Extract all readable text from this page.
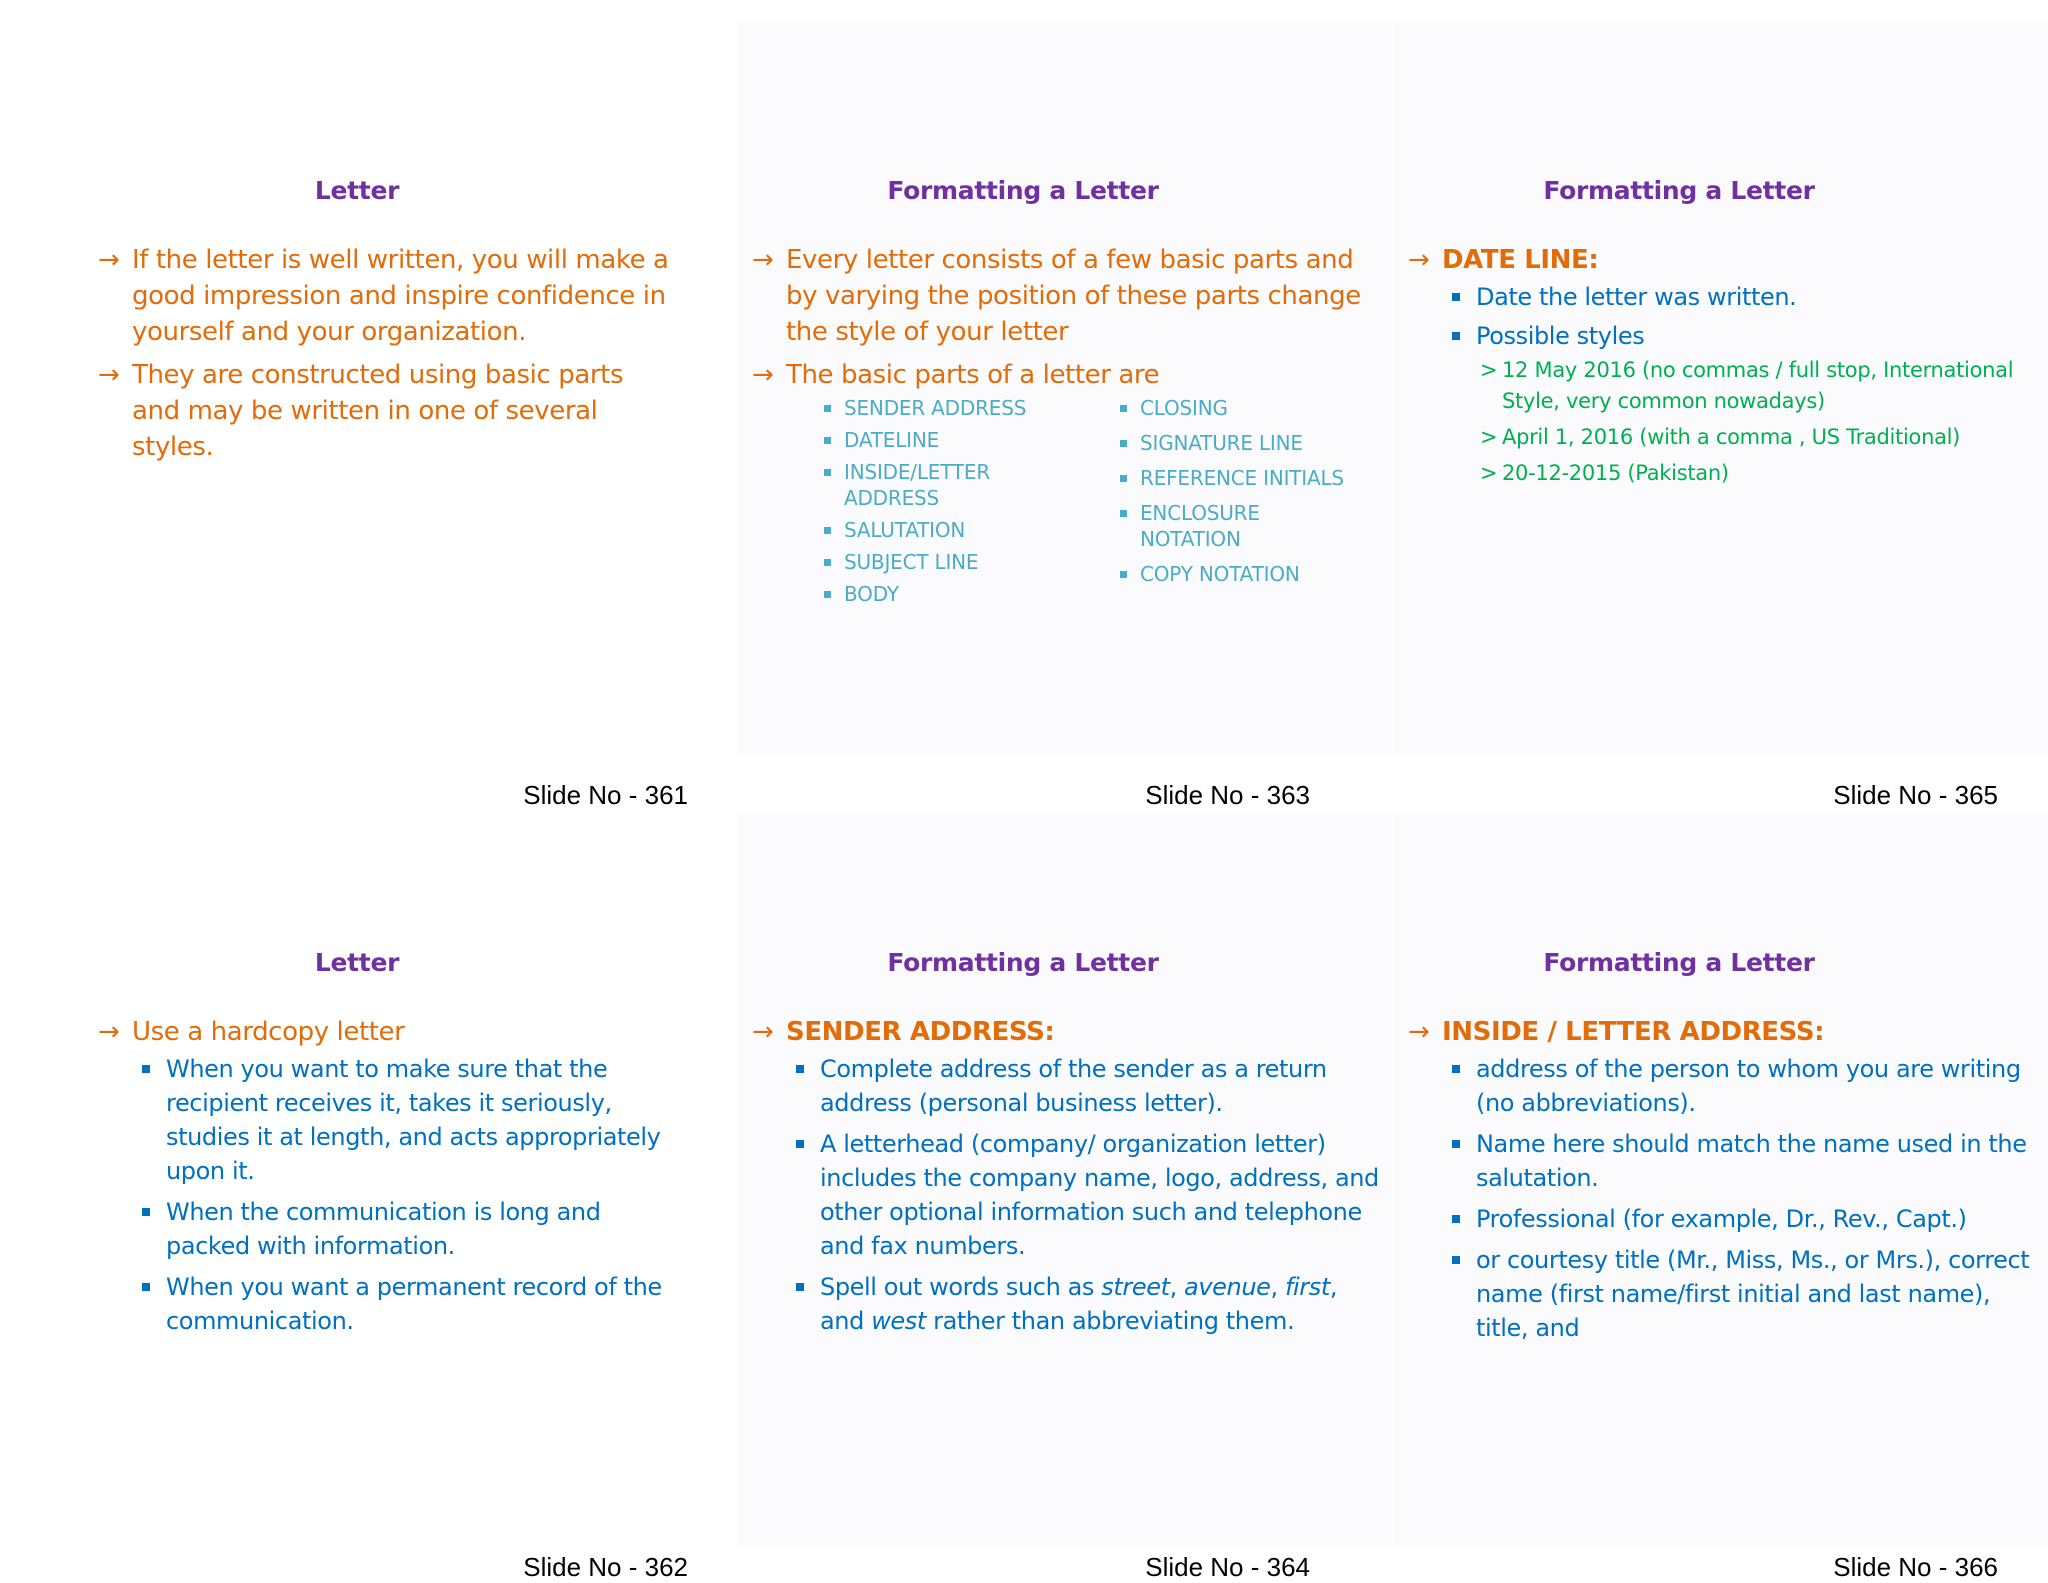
Letter
→ If the letter is well written, you will make a good impression and inspire confidence in yourself and your organization.
→ They are constructed using basic parts and may be written in one of several styles.
Slide No - 361
Formatting a Letter
→ Every letter consists of a few basic parts and by varying the position of these parts change the style of your letter
→ The basic parts of a letter are
SENDER ADDRESS
DATELINE
INSIDE/LETTER ADDRESS
SALUTATION
SUBJECT LINE
BODY
CLOSING
SIGNATURE LINE
REFERENCE INITIALS
ENCLOSURE NOTATION
COPY NOTATION
Slide No - 363
Formatting a Letter
→ DATE LINE:
Date the letter was written.
Possible styles
> 12 May 2016 (no commas / full stop, International Style, very common nowadays)
> April 1, 2016 (with a comma , US Traditional)
> 20-12-2015 (Pakistan)
Slide No - 365
Letter
→ Use a hardcopy letter
When you want to make sure that the recipient receives it, takes it seriously, studies it at length, and acts appropriately upon it.
When the communication is long and packed with information.
When you want a permanent record of the communication.
Slide No - 362
Formatting a Letter
→ SENDER ADDRESS:
Complete address of the sender as a return address (personal business letter).
A letterhead (company/ organization letter) includes the company name, logo, address, and other optional information such and telephone and fax numbers.
Spell out words such as street, avenue, first, and west rather than abbreviating them.
Slide No - 364
Formatting a Letter
→ INSIDE / LETTER ADDRESS:
address of the person to whom you are writing (no abbreviations).
Name here should match the name used in the salutation.
Professional (for example, Dr., Rev., Capt.)
or courtesy title (Mr., Miss, Ms., or Mrs.), correct name (first name/first initial and last name), title, and
Slide No - 366
